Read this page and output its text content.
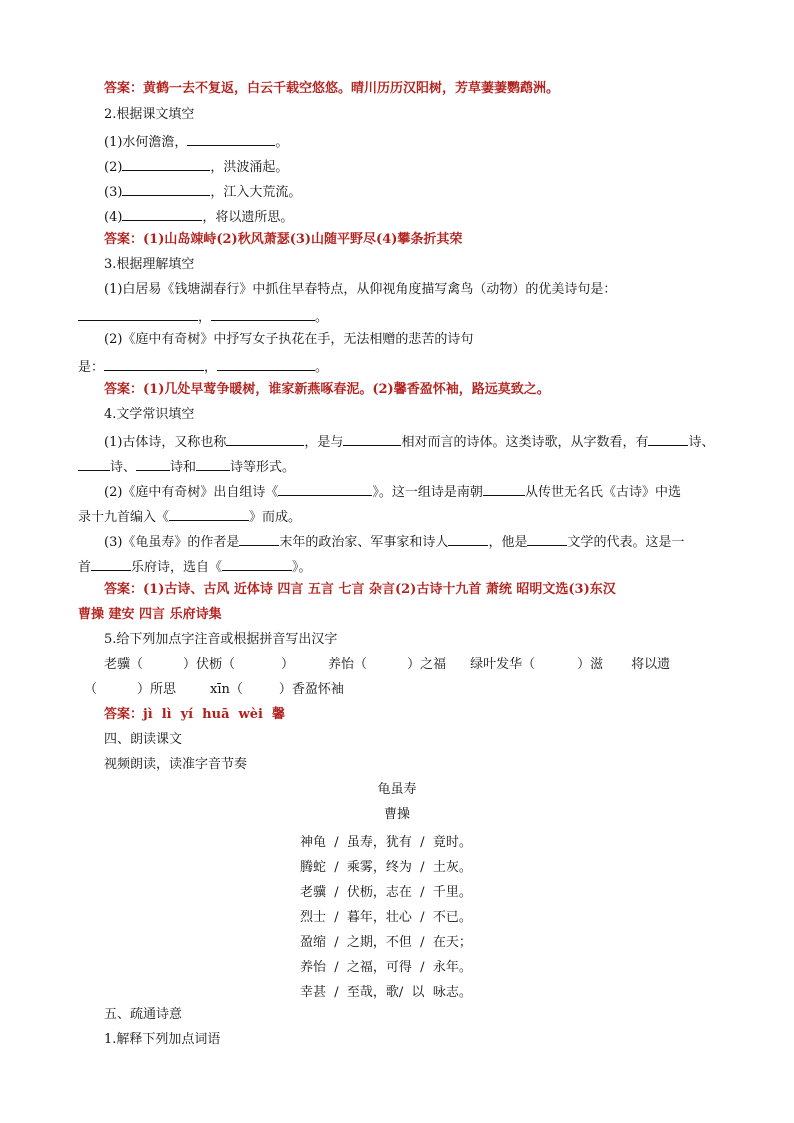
答案：黄鹤一去不复返，白云千载空悠悠。晴川历历汉阳树，芳草萋萋鹦鹉洲。
2.根据课文填空
(1)水何澹澹，	。
(2)	，洪波涌起。
(3)	，江入大荒流。
(4)	，将以遗所思。
答案：(1)山岛竦峙(2)秋风萧瑟(3)山随平野尽(4)攀条折其荣
3.根据理解填空
(1)白居易《钱塘湖春行》中抓住早春特点，从仰视角度描写禽鸟（动物）的优美诗句是：
，	。
(2)《庭中有奇树》中抒写女子执花在手，无法相赠的悲苦的诗句
是：	，	。
答案：(1)几处早莺争暖树，谁家新燕啄春泥。(2)馨香盈怀袖，路远莫致之。
4.文学常识填空
(1)古体诗，又称也称	，是与	相对而言的诗体。这类诗歌，从字数看，有	诗、
诗、	诗和	诗等形式。
(2)《庭中有奇树》出自组诗《	》。这一组诗是南朝	从传世无名氏《古诗》中选
录十九首编入《	》而成。
(3)《龟虽寿》的作者是	末年的政治家、军事家和诗人	，他是	文学的代表。这是一
首	乐府诗，选自《	》。
答案：(1)古诗、古风 近体诗 四言 五言 七言 杂言(2)古诗十九首 萧统 昭明文选(3)东汉
曹操 建安 四言 乐府诗集
5.给下列加点字注音或根据拼音写出汉字
老骥（	）伏枥（	）	养怡（	）之福 绿叶发华（	）滋 将以遗
（	）所思	xīn（	）香盈怀袖
答案：jì  lì  yí  huā  wèi  馨
四、朗读课文
视频朗读，读准字音节奏
龟虽寿
曹操
神龟  /  虽寿，犹有  /  竟时。
腾蛇  /  乘雾，终为  /  土灰。
老骥  /  伏枥，志在  /  千里。
烈士  /  暮年，壮心  /  不已。
盈缩  /  之期，不但  /  在天；
养怡  /  之福，可得  /  永年。
幸甚  /  至哉，歌/  以  咏志。
五、疏通诗意
1.解释下列加点词语
